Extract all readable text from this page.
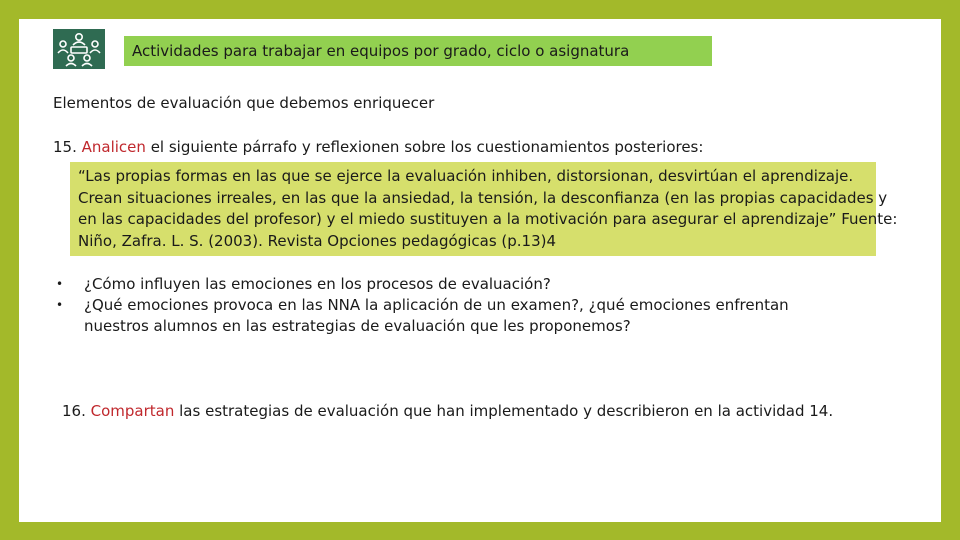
Actividades para trabajar en equipos por grado, ciclo o asignatura
Elementos de evaluación que debemos enriquecer
15. Analicen el siguiente párrafo y reflexionen sobre los cuestionamientos posteriores:
“Las propias formas en las que se ejerce la evaluación inhiben, distorsionan, desvirtúan el aprendizaje.
Crean situaciones irreales, en las que la ansiedad, la tensión, la desconfianza (en las propias capacidades y
en las capacidades del profesor) y el miedo sustituyen a la motivación para asegurar el aprendizaje” Fuente:
Niño, Zafra. L. S. (2003). Revista Opciones pedagógicas (p.13)4
• ¿Cómo influyen las emociones en los procesos de evaluación?
• ¿Qué emociones provoca en las NNA la aplicación de un examen?, ¿qué emociones enfrentan
nuestros alumnos en las estrategias de evaluación que les proponemos?
16. Compartan las estrategias de evaluación que han implementado y describieron en la actividad 14.
